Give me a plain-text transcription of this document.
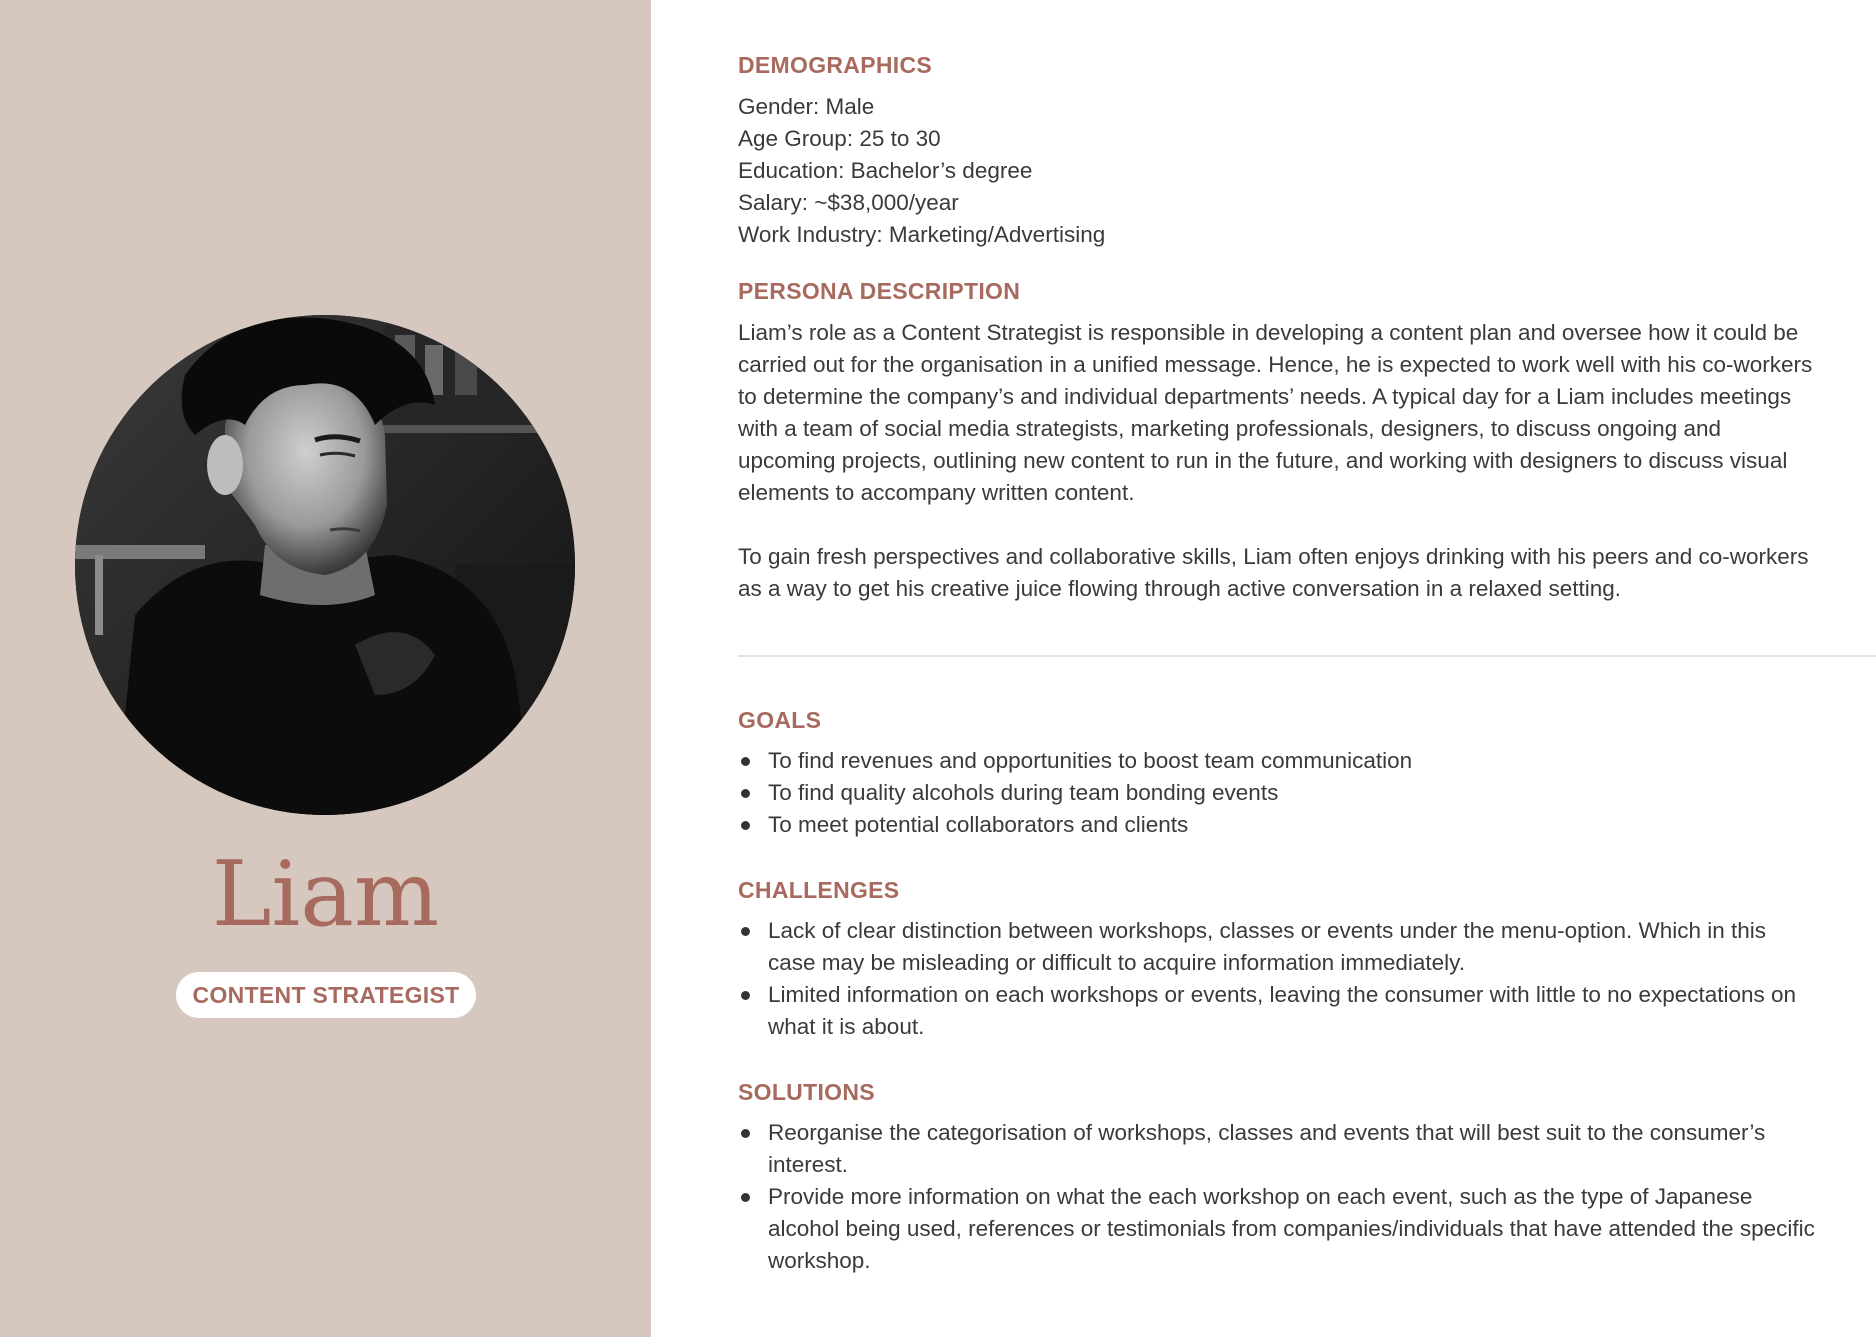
Liam
CONTENT STRATEGIST
DEMOGRAPHICS
Gender: Male
Age Group: 25 to 30
Education: Bachelor’s degree
Salary: ~$38,000/year
Work Industry: Marketing/Advertising
PERSONA DESCRIPTION

Liam’s role as a Content Strategist is responsible in developing a content plan and oversee how it could be carried out for the organisation in a unified message. Hence, he is expected to work well with his co-workers to determine the company’s and individual departments’ needs. A typical day for a Liam includes meetings with a team of social media strategists, marketing professionals, designers, to discuss ongoing and upcoming projects, outlining new content to run in the future, and working with designers to discuss visual elements to accompany written content.

To gain fresh perspectives and collaborative skills, Liam often enjoys drinking with his peers and co-workers as a way to get his creative juice flowing through active conversation in a relaxed setting.

GOALS
To find revenues and opportunities to boost team communication
To find quality alcohols during team bonding events
To meet potential collaborators and clients
CHALLENGES
Lack of clear distinction between workshops, classes or events under the menu-option. Which in this case may be misleading or difficult to acquire information immediately.
Limited information on each workshops or events, leaving the consumer with little to no expectations on what it is about.
SOLUTIONS
Reorganise the categorisation of workshops, classes and events that will best suit to the consumer’s interest.
Provide more information on what the each workshop on each event, such as the type of Japanese alcohol being used, references or testimonials from companies/individuals that have attended the specific workshop.
